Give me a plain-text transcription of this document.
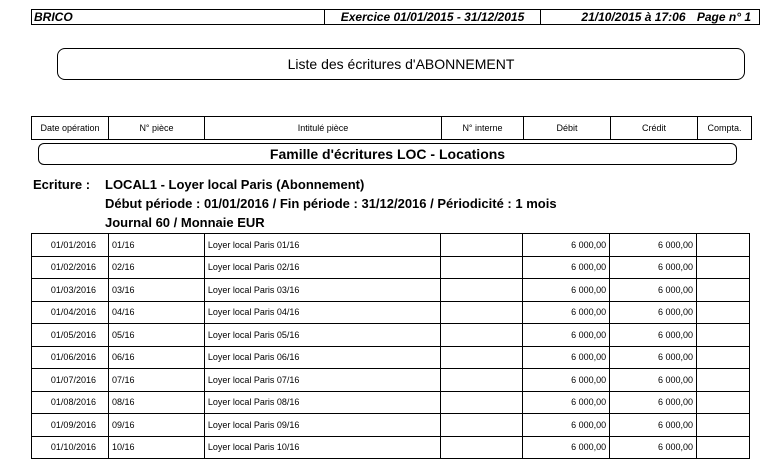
BRICO	Exercice 01/01/2015 - 31/12/2015	21/10/2015 à 17:06 Page n° 1
Liste des écritures d'ABONNEMENT
Date opération	N° pièce	Intitulé pièce	N° interne	Débit	Crédit	Compta.
Famille d'écritures LOC - Locations
Ecriture :	LOCAL1 - Loyer local Paris (Abonnement)
Début période : 01/01/2016 / Fin période : 31/12/2016 / Périodicité : 1 mois
Journal 60 / Monnaie EUR
01/01/2016	01/16	Loyer local Paris 01/16		6 000,00	6 000,00	
01/02/2016	02/16	Loyer local Paris 02/16		6 000,00	6 000,00	
01/03/2016	03/16	Loyer local Paris 03/16		6 000,00	6 000,00	
01/04/2016	04/16	Loyer local Paris 04/16		6 000,00	6 000,00	
01/05/2016	05/16	Loyer local Paris 05/16		6 000,00	6 000,00	
01/06/2016	06/16	Loyer local Paris 06/16		6 000,00	6 000,00	
01/07/2016	07/16	Loyer local Paris 07/16		6 000,00	6 000,00	
01/08/2016	08/16	Loyer local Paris 08/16		6 000,00	6 000,00	
01/09/2016	09/16	Loyer local Paris 09/16		6 000,00	6 000,00	
01/10/2016	10/16	Loyer local Paris 10/16		6 000,00	6 000,00	
